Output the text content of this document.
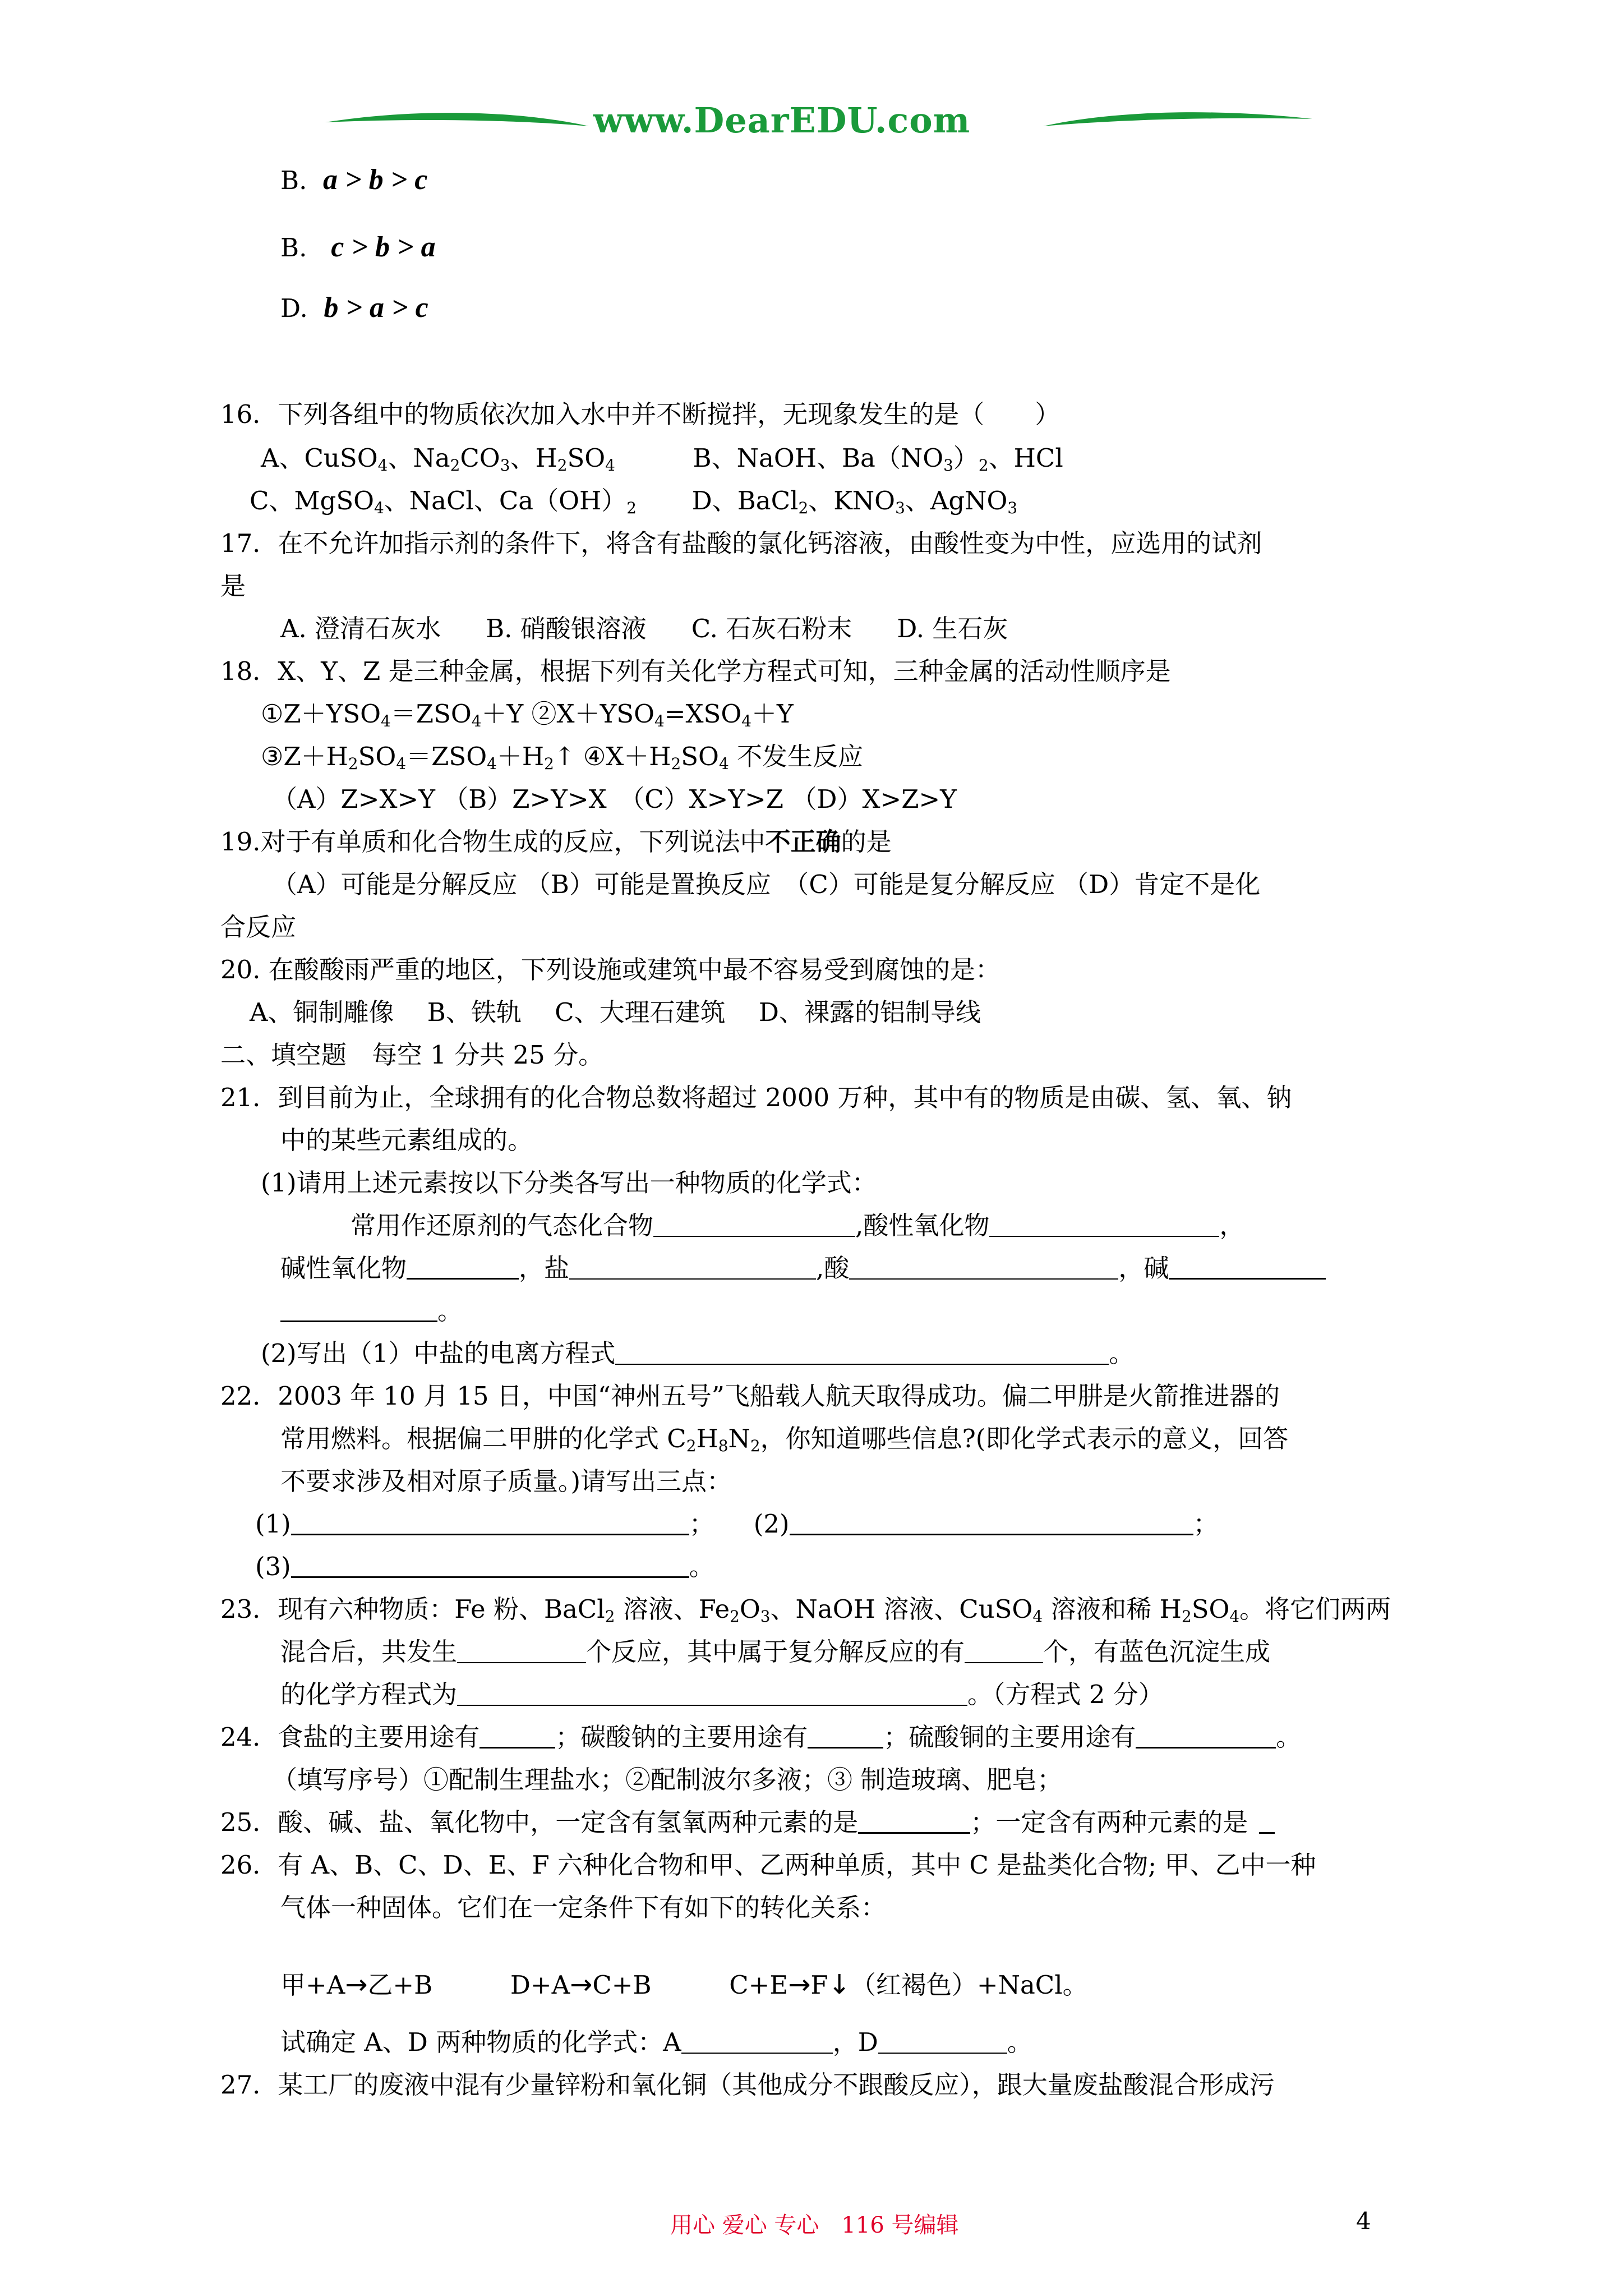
www.DearEDU.com
B. a > b > c
B. c > b > a
D. b > a > c
16．下列各组中的物质依次加入水中并不断搅拌，无现象发生的是（　　）
A、CuSO$_4$、$Na_2CO_3$、$H_2SO_4$	B、NaOH、$Ba(NO_3)_2$、HCl
C、MgSO$_4$、NaCl、$Ca(OH)_2$ D、BaCl$_2$、$KNO_3$、AgNO$_3$
17．在不允许加指示剂的条件下，将含有盐酸的氯化钙溶液，由酸性变为中性，应选用的试剂
是
A. 澄清石灰水 B. 硝酸银溶液 C. 石灰石粉末 D. 生石灰
18．X、Y、Z 是三种金属，根据下列有关化学方程式可知，三种金属的活动性顺序是
$①Z+YSO_4=ZSO_4+Y$ $②X+YSO_4=XSO_4+Y$
$③Z+H_2SO_4=ZSO_4+H_2↑$ $④X+H_2SO_4$ 不发生反应
（A）Z>X>Y （B）Z>Y>X　（C）X>Y>Z （D）X>Z>Y
19.对于有单质和化合物生成的反应，下列说法中不正确的是
（A）可能是分解反应 （B）可能是置换反应　（C）可能是复分解反应 （D）肯定不是化
合反应
20. 在酸酸雨严重的地区，下列设施或建筑中最不容易受到腐蚀的是：
A、铜制雕像　 B、铁轨　 C、大理石建筑　 D、裸露的铝制导线
二、填空题　每空 1 分共 25 分。
21．到目前为止，全球拥有的化合物总数将超过 2000 万种，其中有的物质是由碳、氢、氧、钠
中的某些元素组成的。
(1)请用上述元素按以下分类各写出一种物质的化学式：
常用作还原剂的气态化合物	,酸性氧化物	，
碱性氧化物	，盐	,酸	，碱
。
(2)写出（1）中盐的电离方程式	。
22．2003 年 10 月 15 日，中国“神州五号”飞船载人航天取得成功。偏二甲肼是火箭推进器的
常用燃料。根据偏二甲肼的化学式 $C_2H_8N_2$，你知道哪些信息?(即化学式表示的意义，回答
不要求涉及相对原子质量。)请写出三点：
(1)	； (2)	；
(3)	。
23．现有六种物质：Fe 粉、BaCl$_2$ 溶液、$Fe_2O_3$、NaOH 溶液、CuSO$_4$ 溶液和稀 $H_2SO_4$。将它们两两
混合后，共发生	个反应，其中属于复分解反应的有	个，有蓝色沉淀生成
的化学方程式为	。（方程式 2 分）
24．食盐的主要用途有	；碳酸钠的主要用途有	；硫酸铜的主要用途有	。
（填写序号）①配制生理盐水；②配制波尔多液；③ 制造玻璃、肥皂；
25．酸、碱、盐、氧化物中，一定含有氢氧两种元素的是	；一定含有两种元素的是
26．有 A、B、C、D、E、F 六种化合物和甲、乙两种单质，其中 C 是盐类化合物; 甲、乙中一种
气体一种固体。它们在一定条件下有如下的转化关系：
甲+A→乙+B	D+A→C+B	C+E→F↓（红褐色）+NaCl。
试确定 A、D 两种物质的化学式：A	，D	。
27．某工厂的废液中混有少量锌粉和氧化铜（其他成分不跟酸反应），跟大量废盐酸混合形成污
用心 爱心 专心　116 号编辑	4
